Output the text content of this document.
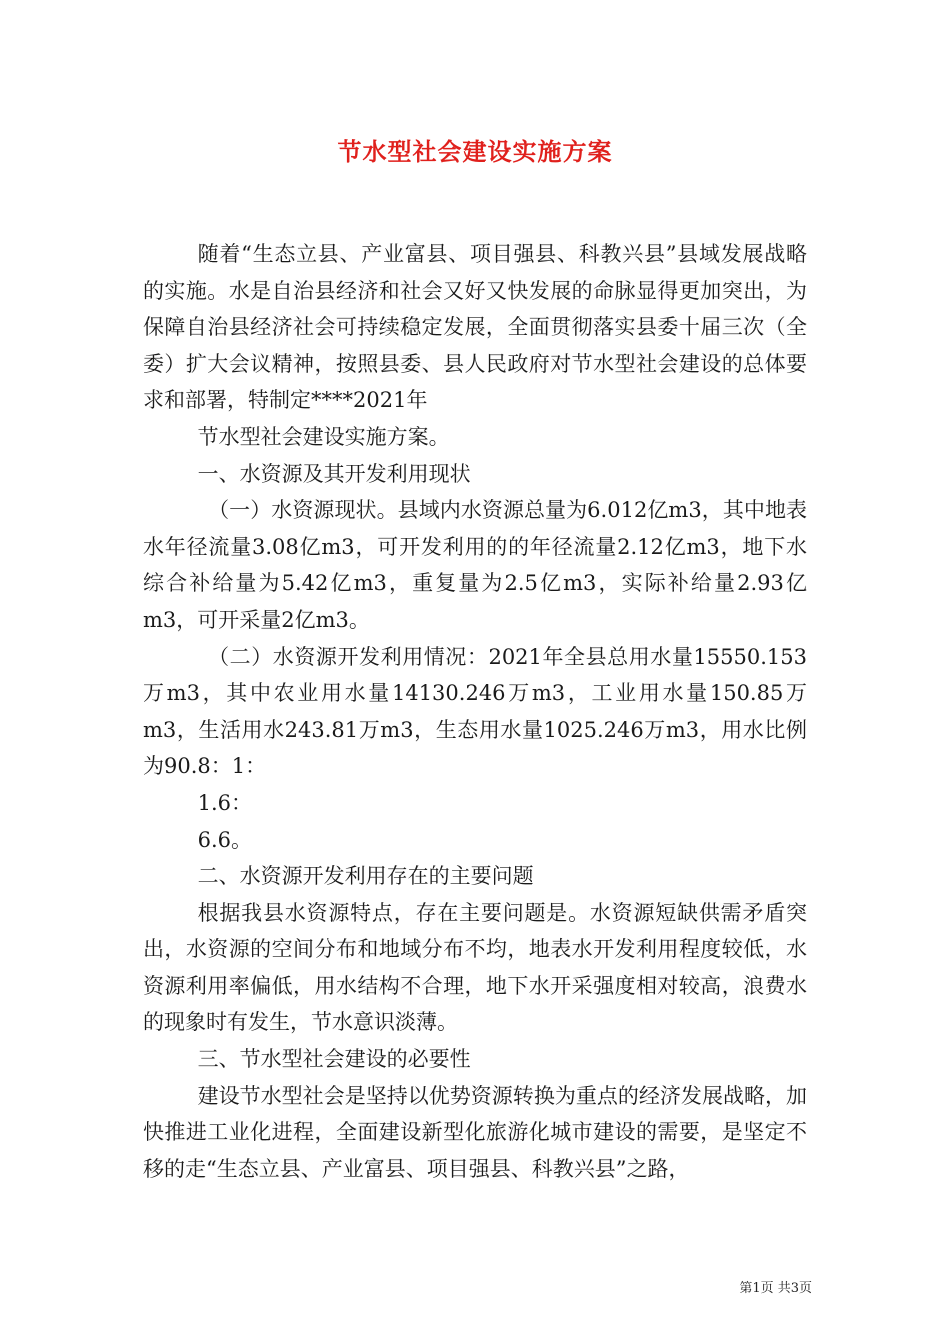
节水型社会建设实施方案

随着“生态立县、产业富县、项目强县、科教兴县”县域发展战略的实施。水是自治县经济和社会又好又快发展的命脉显得更加突出，为保障自治县经济社会可持续稳定发展，全面贯彻落实县委十届三次（全委）扩大会议精神，按照县委、县人民政府对节水型社会建设的总体要求和部署，特制定****2021年

节水型社会建设实施方案。

一、水资源及其开发利用现状

（一）水资源现状。县域内水资源总量为6.012亿m3，其中地表水年径流量3.08亿m3，可开发利用的的年径流量2.12亿m3，地下水综合补给量为5.42亿m3，重复量为2.5亿m3，实际补给量2.93亿m3，可开采量2亿m3。

（二）水资源开发利用情况：2021年全县总用水量15550.153万m3，其中农业用水量14130.246万m3，工业用水量150.85万m3，生活用水243.81万m3，生态用水量1025.246万m3，用水比例为90.8：1：

1.6：

6.6。

二、水资源开发利用存在的主要问题

根据我县水资源特点，存在主要问题是。水资源短缺供需矛盾突出，水资源的空间分布和地域分布不均，地表水开发利用程度较低，水资源利用率偏低，用水结构不合理，地下水开采强度相对较高，浪费水的现象时有发生，节水意识淡薄。

三、节水型社会建设的必要性

建设节水型社会是坚持以优势资源转换为重点的经济发展战略，加快推进工业化进程，全面建设新型化旅游化城市建设的需要，是坚定不移的走“生态立县、产业富县、项目强县、科教兴县”之路，

第1页 共3页
